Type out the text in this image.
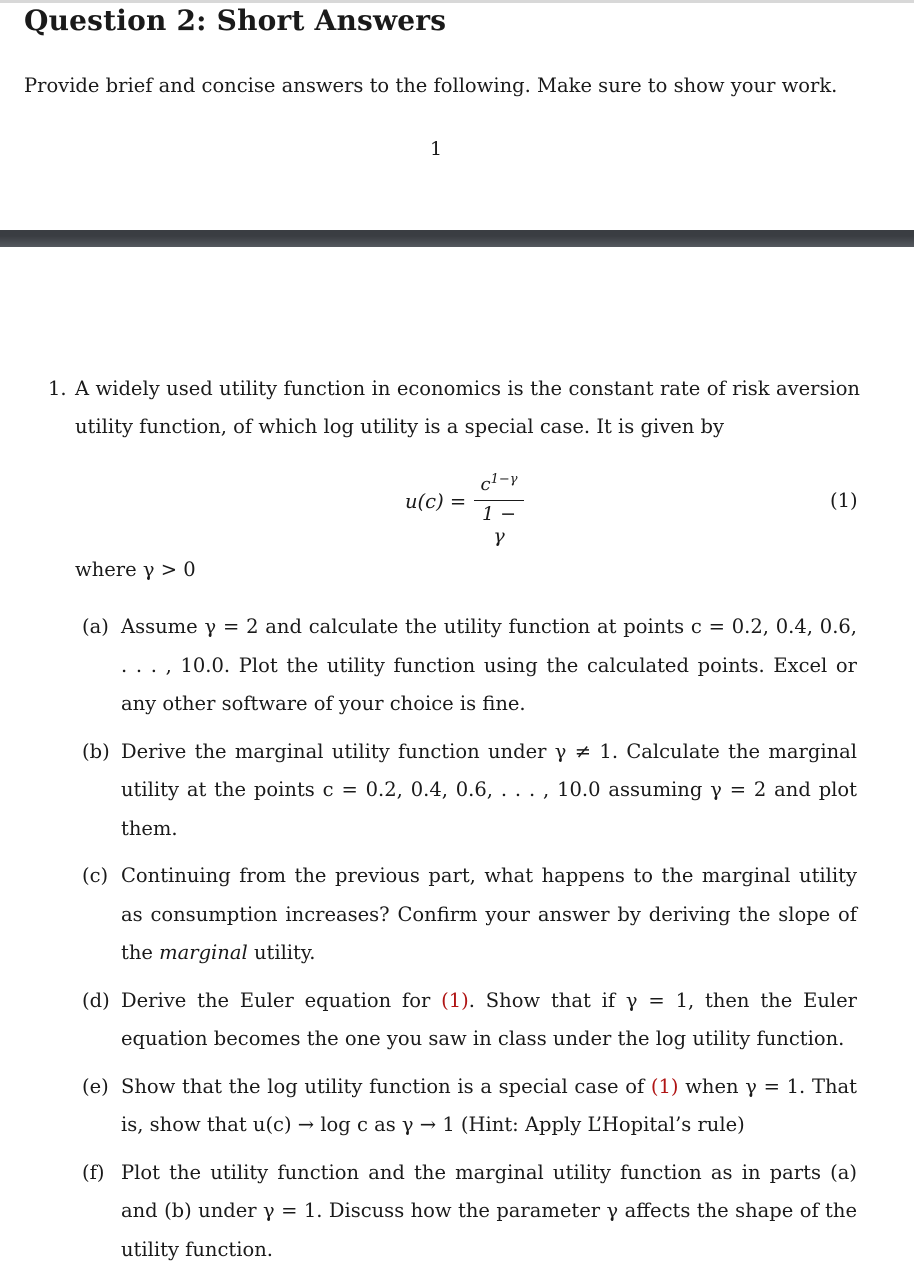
Question 2: Short Answers
Provide brief and concise answers to the following. Make sure to show your work.
1
1. A widely used utility function in economics is the constant rate of risk aversion utility function, of which log utility is a special case. It is given by
u(c) =
$c^{1-\gamma}$
1 − γ
(1)
where γ > 0
(a) Assume γ = 2 and calculate the utility function at points c = 0.2, 0.4, 0.6, . . . , 10.0. Plot the utility function using the calculated points. Excel or any other software of your choice is fine.
(b) Derive the marginal utility function under γ ≠ 1. Calculate the marginal utility at the points c = 0.2, 0.4, 0.6, . . . , 10.0 assuming γ = 2 and plot them.
(c) Continuing from the previous part, what happens to the marginal utility as consumption increases? Confirm your answer by deriving the slope of the marginal utility.
(d) Derive the Euler equation for (1). Show that if γ = 1, then the Euler equation becomes the one you saw in class under the log utility function.
(e) Show that the log utility function is a special case of (1) when γ = 1. That is, show that u(c) → log c as γ → 1 (Hint: Apply L’Hopital’s rule)
(f) Plot the utility function and the marginal utility function as in parts (a) and (b) under γ = 1. Discuss how the parameter γ affects the shape of the utility function.
